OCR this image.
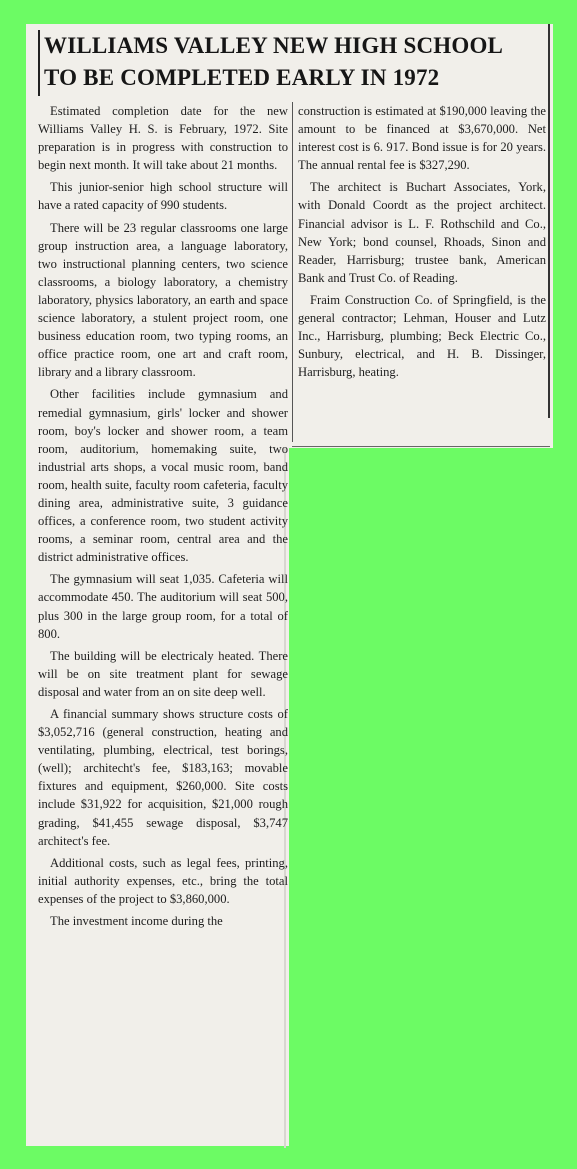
WILLIAMS VALLEY NEW HIGH SCHOOL
TO BE COMPLETED EARLY IN 1972

Estimated completion date for the new Williams Valley H. S. is February, 1972. Site preparation is in progress with construction to begin next month. It will take about 21 months.

This junior-senior high school structure will have a rated capacity of 990 students.

There will be 23 regular classrooms one large group instruction area, a language laboratory, two instructional planning centers, two science classrooms, a biology laboratory, a chemistry laboratory, physics laboratory, an earth and space science laboratory, a stulent project room, one business education room, two typing rooms, an office practice room, one art and craft room, library and a library classroom.

Other facilities include gymnasium and remedial gymnasium, girls' locker and shower room, boy's locker and shower room, a team room, auditorium, homemaking suite, two industrial arts shops, a vocal music room, band room, health suite, faculty room cafeteria, faculty dining area, administrative suite, 3 guidance offices, a conference room, two student activity rooms, a seminar room, central area and the district administrative offices.

The gymnasium will seat 1,035. Cafeteria will accommodate 450. The auditorium will seat 500, plus 300 in the large group room, for a total of 800.

The building will be electricaly heated. There will be on site treatment plant for sewage disposal and water from an on site deep well.

A financial summary shows structure costs of $3,052,716 (general construction, heating and ventilating, plumbing, electrical, test borings, (well); architecht's fee, $183,163; movable fixtures and equipment, $260,000. Site costs include $31,922 for acquisition, $21,000 rough grading, $41,455 sewage disposal, $3,747 architect's fee.

Additional costs, such as legal fees, printing, initial authority expenses, etc., bring the total expenses of the project to $3,860,000.

The investment income during the

construction is estimated at $190,000 leaving the amount to be financed at $3,670,000. Net interest cost is 6. 917. Bond issue is for 20 years. The annual rental fee is $327,290.

The architect is Buchart Associates, York, with Donald Coordt as the project architect. Financial advisor is L. F. Rothschild and Co., New York; bond counsel, Rhoads, Sinon and Reader, Harrisburg; trustee bank, American Bank and Trust Co. of Reading.

Fraim Construction Co. of Springfield, is the general contractor; Lehman, Houser and Lutz Inc., Harrisburg, plumbing; Beck Electric Co., Sunbury, electrical, and H. B. Dissinger, Harrisburg, heating.
